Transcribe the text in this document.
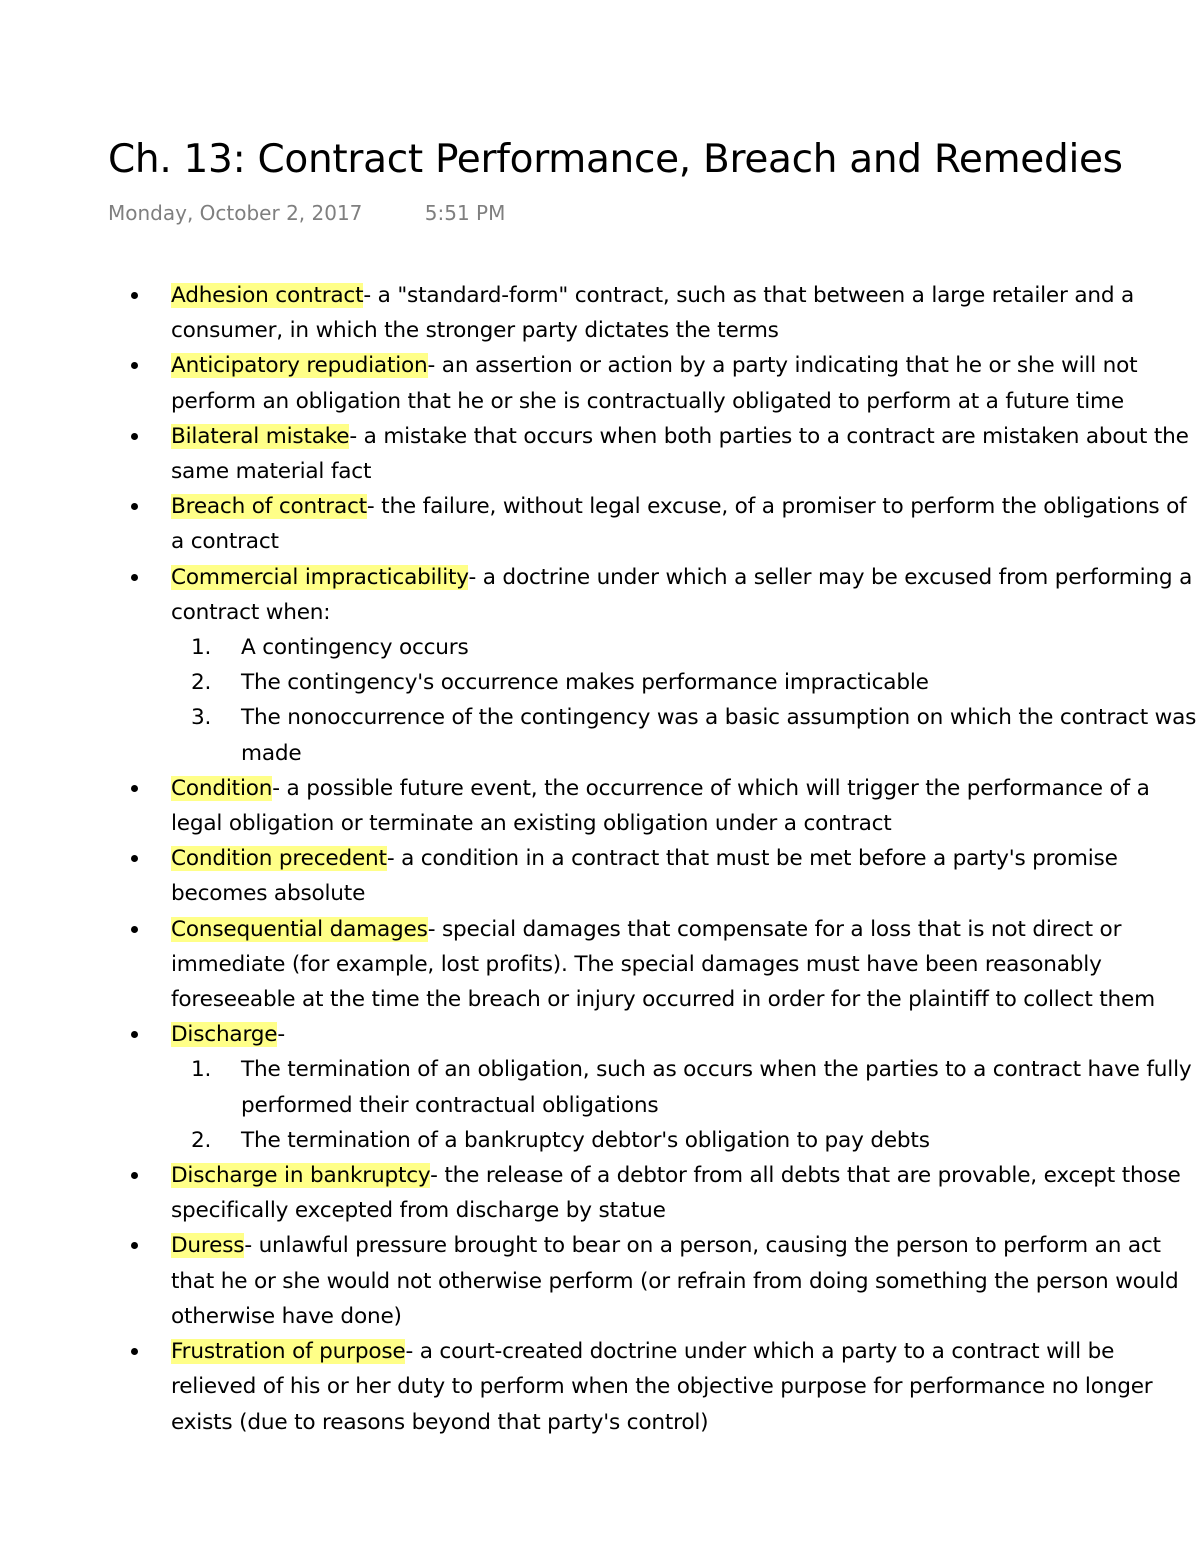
Ch. 13: Contract Performance, Breach and Remedies
Monday, October 2, 2017	5:51 PM
Adhesion contract- a "standard-form" contract, such as that between a large retailer and a
consumer, in which the stronger party dictates the terms
Anticipatory repudiation- an assertion or action by a party indicating that he or she will not
perform an obligation that he or she is contractually obligated to perform at a future time
Bilateral mistake- a mistake that occurs when both parties to a contract are mistaken about the
same material fact
Breach of contract- the failure, without legal excuse, of a promiser to perform the obligations of
a contract
Commercial impracticability- a doctrine under which a seller may be excused from performing a
contract when:
1. A contingency occurs
2. The contingency's occurrence makes performance impracticable
3. The nonoccurrence of the contingency was a basic assumption on which the contract was
made
Condition- a possible future event, the occurrence of which will trigger the performance of a
legal obligation or terminate an existing obligation under a contract
Condition precedent- a condition in a contract that must be met before a party's promise
becomes absolute
Consequential damages- special damages that compensate for a loss that is not direct or
immediate (for example, lost profits). The special damages must have been reasonably
foreseeable at the time the breach or injury occurred in order for the plaintiff to collect them
Discharge-
1. The termination of an obligation, such as occurs when the parties to a contract have fully
performed their contractual obligations
2. The termination of a bankruptcy debtor's obligation to pay debts
Discharge in bankruptcy- the release of a debtor from all debts that are provable, except those
specifically excepted from discharge by statue
Duress- unlawful pressure brought to bear on a person, causing the person to perform an act
that he or she would not otherwise perform (or refrain from doing something the person would
otherwise have done)
Frustration of purpose- a court-created doctrine under which a party to a contract will be
relieved of his or her duty to perform when the objective purpose for performance no longer
exists (due to reasons beyond that party's control)
